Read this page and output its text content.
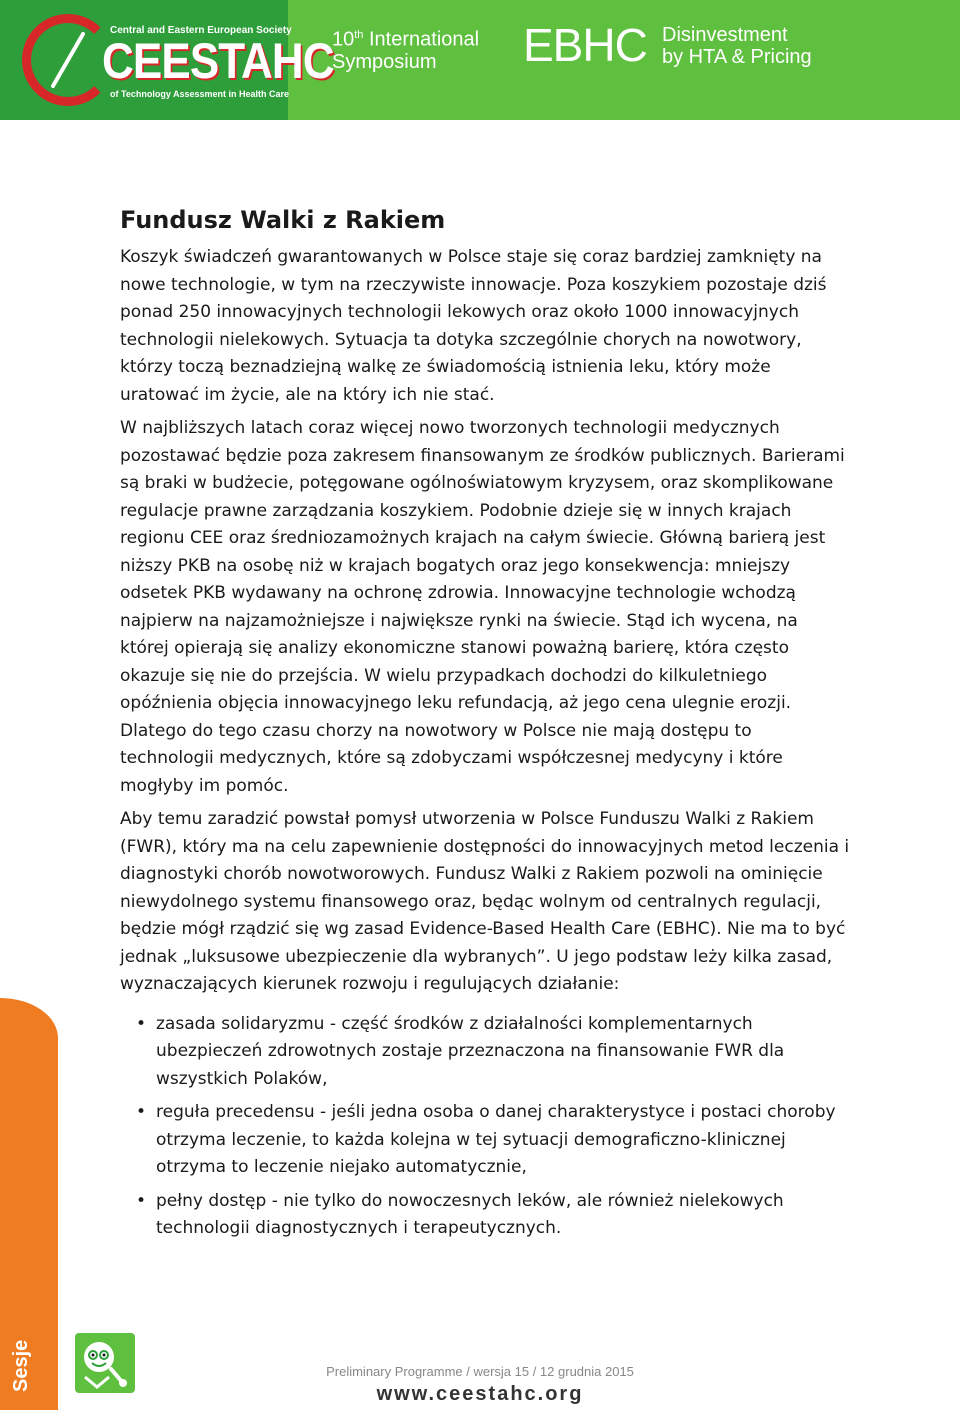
Central and Eastern European Society
CEESTAHC
of Technology Assessment in Health Care
10th International
Symposium	EBHC Disinvestment
by HTA & Pricing
Fundusz Walki z Rakiem

Koszyk świadczeń gwarantowanych w Polsce staje się coraz bardziej zamknięty na nowe technologie, w tym na rzeczywiste innowacje. Poza koszykiem pozostaje dziś ponad 250 innowacyjnych technologii lekowych oraz około 1000 innowacyjnych technologii nielekowych. Sytuacja ta dotyka szczególnie chorych na nowotwory, którzy toczą beznadziejną walkę ze świadomością istnienia leku, który może uratować im życie, ale na który ich nie stać.

W najbliższych latach coraz więcej nowo tworzonych technologii medycznych pozostawać będzie poza zakresem finansowanym ze środków publicznych. Barierami są braki w budżecie, potęgowane ogólnoświatowym kryzysem, oraz skomplikowane regulacje prawne zarządzania koszykiem. Podobnie dzieje się w innych krajach regionu CEE oraz średniozamożnych krajach na całym świecie. Główną barierą jest niższy PKB na osobę niż w krajach bogatych oraz jego konsekwencja: mniejszy odsetek PKB wydawany na ochronę zdrowia. Innowacyjne technologie wchodzą najpierw na najzamożniejsze i największe rynki na świecie. Stąd ich wycena, na której opierają się analizy ekonomiczne stanowi poważną barierę, która często okazuje się nie do przejścia. W wielu przypadkach dochodzi do kilkuletniego opóźnienia objęcia innowacyjnego leku refundacją, aż jego cena ulegnie erozji. Dlatego do tego czasu chorzy na nowotwory w Polsce nie mają dostępu to technologii medycznych, które są zdobyczami współczesnej medycyny i które mogłyby im pomóc.

Aby temu zaradzić powstał pomysł utworzenia w Polsce Funduszu Walki z Rakiem (FWR), który ma na celu zapewnienie dostępności do innowacyjnych metod leczenia i diagnostyki chorób nowotworowych. Fundusz Walki z Rakiem pozwoli na ominięcie niewydolnego systemu finansowego oraz, będąc wolnym od centralnych regulacji, będzie mógł rządzić się wg zasad Evidence-Based Health Care (EBHC). Nie ma to być jednak „luksusowe ubezpieczenie dla wybranych”. U jego podstaw leży kilka zasad, wyznaczających kierunek rozwoju i regulujących działanie:

• zasada solidaryzmu - część środków z działalności komplementarnych ubezpieczeń zdrowotnych zostaje przeznaczona na finansowanie FWR dla wszystkich Polaków,
• reguła precedensu - jeśli jedna osoba o danej charakterystyce i postaci choroby otrzyma leczenie, to każda kolejna w tej sytuacji demograficzno-klinicznej otrzyma to leczenie niejako automatycznie,
• pełny dostęp - nie tylko do nowoczesnych leków, ale również nielekowych technologii diagnostycznych i terapeutycznych.
Sesje	Preliminary Programme / wersja 15 / 12 grudnia 2015
www.ceestahc.org
